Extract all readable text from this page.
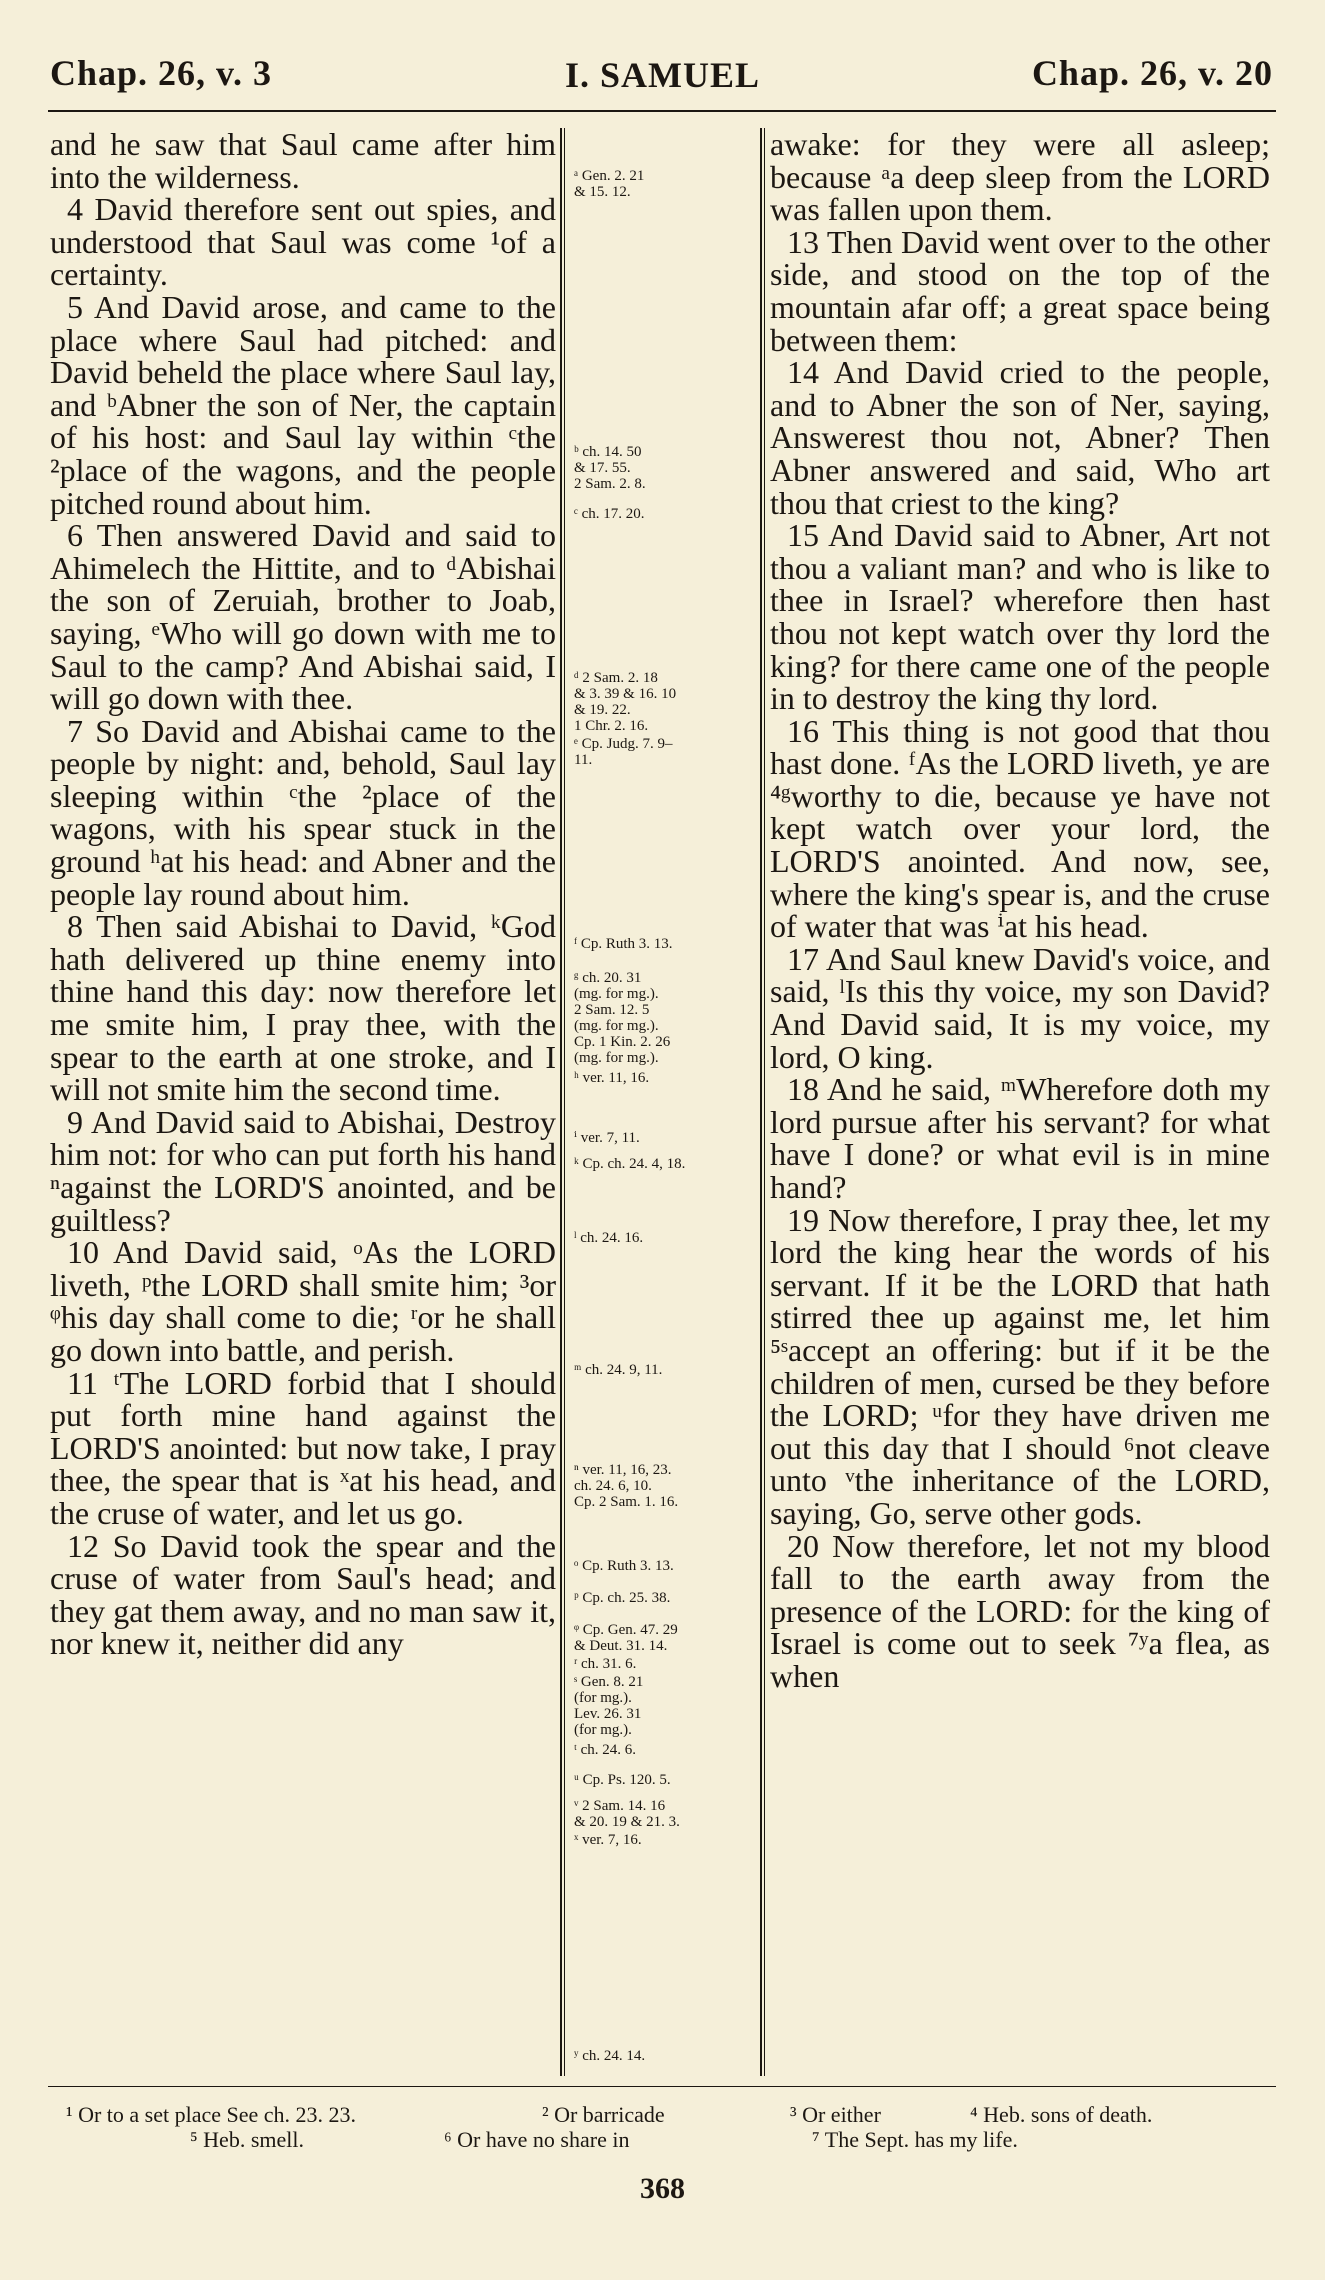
Chap. 26, v. 3	I. SAMUEL	Chap. 26, v. 20

and he saw that Saul came after him into the wilderness.

4 David therefore sent out spies, and understood that Saul was come ¹of a certainty.

5 And David arose, and came to the place where Saul had pitched: and David beheld the place where Saul lay, and ᵇAbner the son of Ner, the captain of his host: and Saul lay within ᶜthe ²place of the wagons, and the people pitched round about him.

6 Then answered David and said to Ahimelech the Hittite, and to ᵈAbishai the son of Zeruiah, brother to Joab, saying, ᵉWho will go down with me to Saul to the camp? And Abishai said, I will go down with thee.

7 So David and Abishai came to the people by night: and, behold, Saul lay sleeping within ᶜthe ²place of the wagons, with his spear stuck in the ground ʰat his head: and Abner and the people lay round about him.

8 Then said Abishai to David, ᵏGod hath delivered up thine enemy into thine hand this day: now therefore let me smite him, I pray thee, with the spear to the earth at one stroke, and I will not smite him the second time.

9 And David said to Abishai, Destroy him not: for who can put forth his hand ⁿagainst the LORD'S anointed, and be guiltless?

10 And David said, ᵒAs the LORD liveth, ᵖthe LORD shall smite him; ³or ᵠhis day shall come to die; ʳor he shall go down into battle, and perish.

11 ᵗThe LORD forbid that I should put forth mine hand against the LORD'S anointed: but now take, I pray thee, the spear that is ˣat his head, and the cruse of water, and let us go.

12 So David took the spear and the cruse of water from Saul's head; and they gat them away, and no man saw it, nor knew it, neither did any

ᵃ Gen. 2. 21
& 15. 12.
ᵇ ch. 14. 50
& 17. 55.
2 Sam. 2. 8.
ᶜ ch. 17. 20.
ᵈ 2 Sam. 2. 18
& 3. 39 & 16. 10
& 19. 22.
1 Chr. 2. 16.
ᵉ Cp. Judg. 7. 9–
11.
ᶠ Cp. Ruth 3. 13.
ᵍ ch. 20. 31
(mg. for mg.).
2 Sam. 12. 5
(mg. for mg.).
Cp. 1 Kin. 2. 26
(mg. for mg.).
ʰ ver. 11, 16.
ⁱ ver. 7, 11.
ᵏ Cp. ch. 24. 4, 18.
ˡ ch. 24. 16.
ᵐ ch. 24. 9, 11.
ⁿ ver. 11, 16, 23.
ch. 24. 6, 10.
Cp. 2 Sam. 1. 16.
ᵒ Cp. Ruth 3. 13.
ᵖ Cp. ch. 25. 38.
ᵠ Cp. Gen. 47. 29
& Deut. 31. 14.
ʳ ch. 31. 6.
ˢ Gen. 8. 21
(for mg.).
Lev. 26. 31
(for mg.).
ᵗ ch. 24. 6.
ᵘ Cp. Ps. 120. 5.
ᵛ 2 Sam. 14. 16
& 20. 19 & 21. 3.
ˣ ver. 7, 16.
ʸ ch. 24. 14.

awake: for they were all asleep; because ᵃa deep sleep from the LORD was fallen upon them.

13 Then David went over to the other side, and stood on the top of the mountain afar off; a great space being between them:

14 And David cried to the people, and to Abner the son of Ner, saying, Answerest thou not, Abner? Then Abner answered and said, Who art thou that criest to the king?

15 And David said to Abner, Art not thou a valiant man? and who is like to thee in Israel? wherefore then hast thou not kept watch over thy lord the king? for there came one of the people in to destroy the king thy lord.

16 This thing is not good that thou hast done. ᶠAs the LORD liveth, ye are ⁴ᵍworthy to die, because ye have not kept watch over your lord, the LORD'S anointed. And now, see, where the king's spear is, and the cruse of water that was ⁱat his head.

17 And Saul knew David's voice, and said, ˡIs this thy voice, my son David? And David said, It is my voice, my lord, O king.

18 And he said, ᵐWherefore doth my lord pursue after his servant? for what have I done? or what evil is in mine hand?

19 Now therefore, I pray thee, let my lord the king hear the words of his servant. If it be the LORD that hath stirred thee up against me, let him ⁵ˢaccept an offering: but if it be the children of men, cursed be they before the LORD; ᵘfor they have driven me out this day that I should ⁶not cleave unto ᵛthe inheritance of the LORD, saying, Go, serve other gods.

20 Now therefore, let not my blood fall to the earth away from the presence of the LORD: for the king of Israel is come out to seek ⁷ʸa flea, as when

¹ Or to a set place See ch. 23. 23.	² Or barricade	³ Or either	⁴ Heb. sons of death.
⁵ Heb. smell.	⁶ Or have no share in	⁷ The Sept. has my life.
368
